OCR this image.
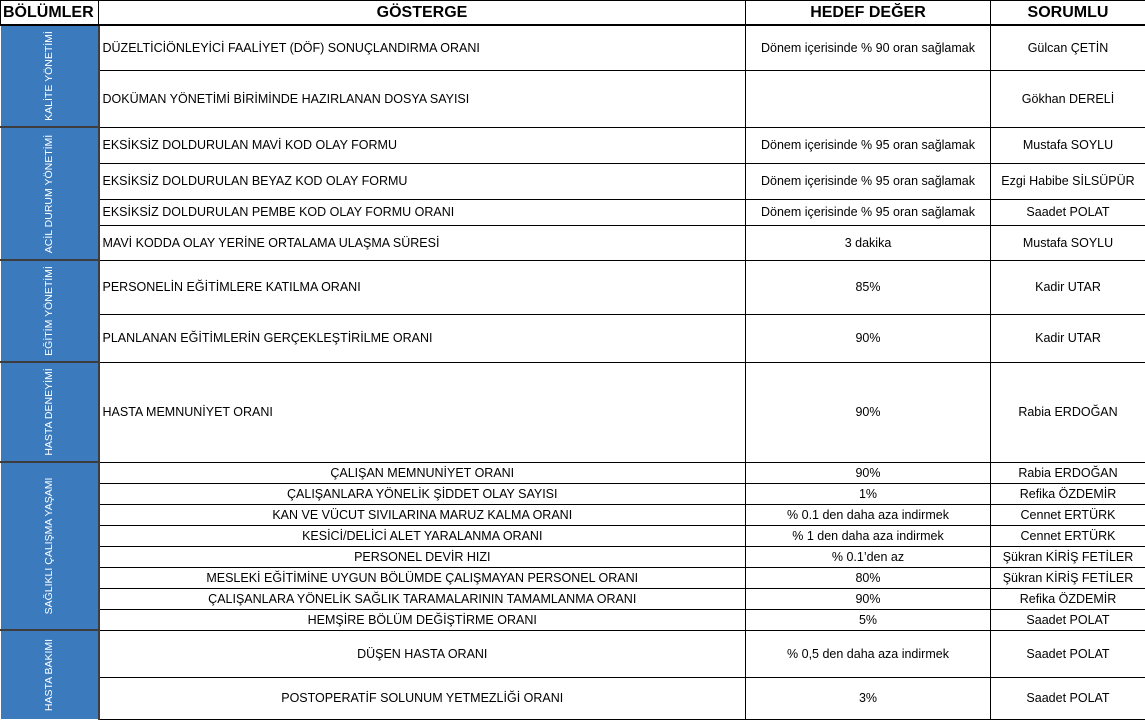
BÖLÜMLER	GÖSTERGE	HEDEF DEĞER	SORUMLU

KALİTE YÖNETİMİ	DÜZELTİCİÖNLEYİCİ FAALİYET (DÖF) SONUÇLANDIRMA ORANI	Dönem içerisinde % 90 oran sağlamak	Gülcan ÇETİN
	DOKÜMAN YÖNETİMİ BİRİMİNDE HAZIRLANAN DOSYA SAYISI		Gökhan DERELİ

ACİL DURUM YÖNETİMİ	EKSİKSİZ DOLDURULAN MAVİ KOD OLAY FORMU	Dönem içerisinde % 95 oran sağlamak	Mustafa SOYLU
	EKSİKSİZ DOLDURULAN BEYAZ KOD OLAY FORMU	Dönem içerisinde % 95 oran sağlamak	Ezgi Habibe SİLSÜPÜR
	EKSİKSİZ DOLDURULAN PEMBE KOD OLAY FORMU ORANI	Dönem içerisinde % 95 oran sağlamak	Saadet POLAT
	MAVİ KODDA OLAY YERİNE ORTALAMA ULAŞMA SÜRESİ	3 dakika	Mustafa SOYLU

EĞİTİM YÖNETİMİ	PERSONELİN EĞİTİMLERE KATILMA ORANI	85%	Kadir UTAR
	PLANLANAN EĞİTİMLERİN GERÇEKLEŞTİRİLME ORANI	90%	Kadir UTAR

HASTA DENEYİMİ	HASTA MEMNUNİYET ORANI	90%	Rabia ERDOĞAN

SAĞLIKLI ÇALIŞMA YAŞAMI	ÇALIŞAN MEMNUNİYET ORANI	90%	Rabia ERDOĞAN
	ÇALIŞANLARA YÖNELİK ŞİDDET OLAY SAYISI	1%	Refika ÖZDEMİR
	KAN VE VÜCUT SIVILARINA MARUZ KALMA ORANI	% 0.1 den daha aza indirmek	Cennet ERTÜRK
	KESİCİ/DELİCİ ALET YARALANMA ORANI	% 1 den daha aza indirmek	Cennet ERTÜRK
	PERSONEL DEVİR HIZI	% 0.1’den az	Şükran KİRİŞ FETİLER
	MESLEKİ EĞİTİMİNE UYGUN BÖLÜMDE ÇALIŞMAYAN PERSONEL ORANI	80%	Şükran KİRİŞ FETİLER
	ÇALIŞANLARA YÖNELİK SAĞLIK TARAMALARININ TAMAMLANMA ORANI	90%	Refika ÖZDEMİR
	HEMŞİRE BÖLÜM DEĞİŞTİRME ORANI	5%	Saadet POLAT

HASTA BAKIMI	DÜŞEN HASTA ORANI	% 0,5 den daha aza indirmek	Saadet POLAT
	POSTOPERATİF SOLUNUM YETMEZLİĞİ ORANI	3%	Saadet POLAT
